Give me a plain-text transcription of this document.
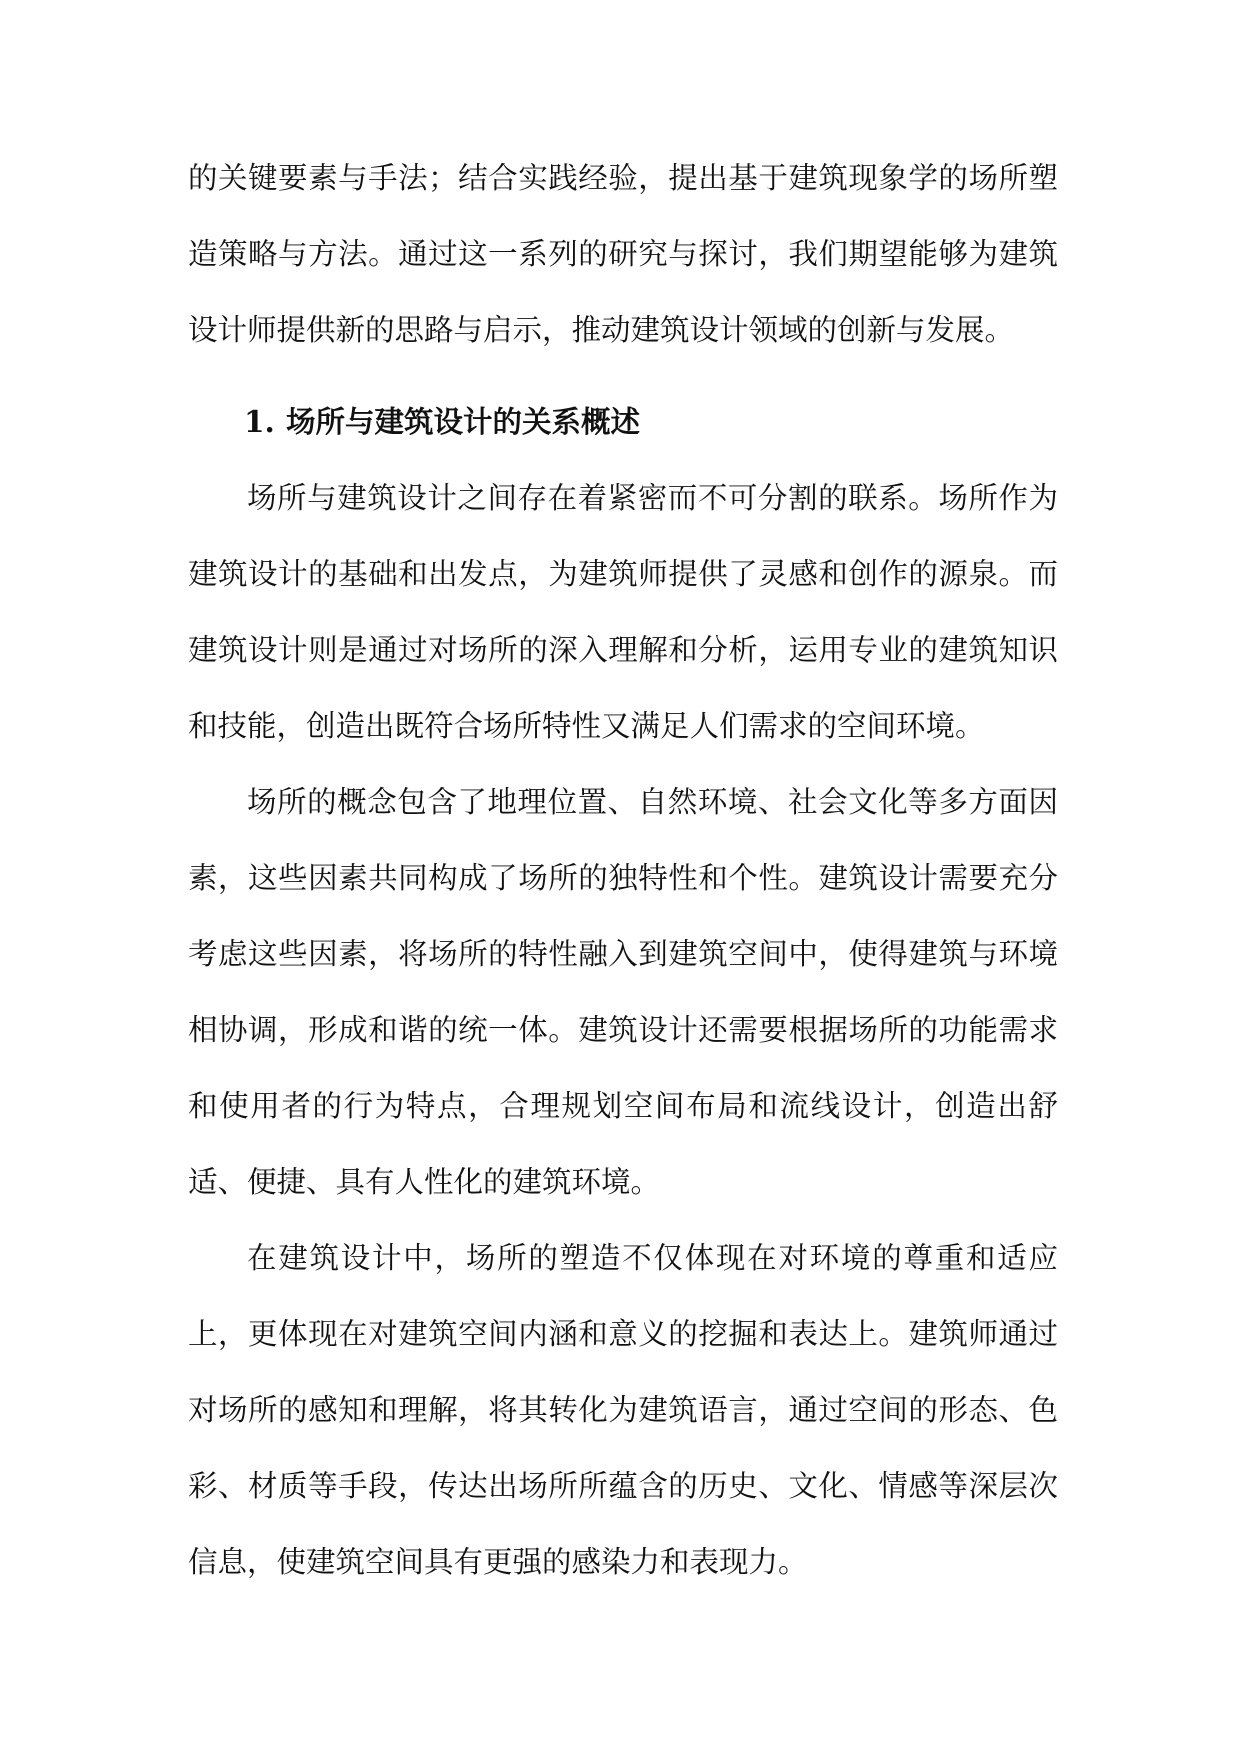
的关键要素与手法；结合实践经验，提出基于建筑现象学的场所塑造策略与方法。通过这一系列的研究与探讨，我们期望能够为建筑设计师提供新的思路与启示，推动建筑设计领域的创新与发展。

1. 场所与建筑设计的关系概述

场所与建筑设计之间存在着紧密而不可分割的联系。场所作为建筑设计的基础和出发点，为建筑师提供了灵感和创作的源泉。而建筑设计则是通过对场所的深入理解和分析，运用专业的建筑知识和技能，创造出既符合场所特性又满足人们需求的空间环境。

场所的概念包含了地理位置、自然环境、社会文化等多方面因素，这些因素共同构成了场所的独特性和个性。建筑设计需要充分考虑这些因素，将场所的特性融入到建筑空间中，使得建筑与环境相协调，形成和谐的统一体。建筑设计还需要根据场所的功能需求和使用者的行为特点，合理规划空间布局和流线设计，创造出舒适、便捷、具有人性化的建筑环境。

在建筑设计中，场所的塑造不仅体现在对环境的尊重和适应上，更体现在对建筑空间内涵和意义的挖掘和表达上。建筑师通过对场所的感知和理解，将其转化为建筑语言，通过空间的形态、色彩、材质等手段，传达出场所所蕴含的历史、文化、情感等深层次信息，使建筑空间具有更强的感染力和表现力。
